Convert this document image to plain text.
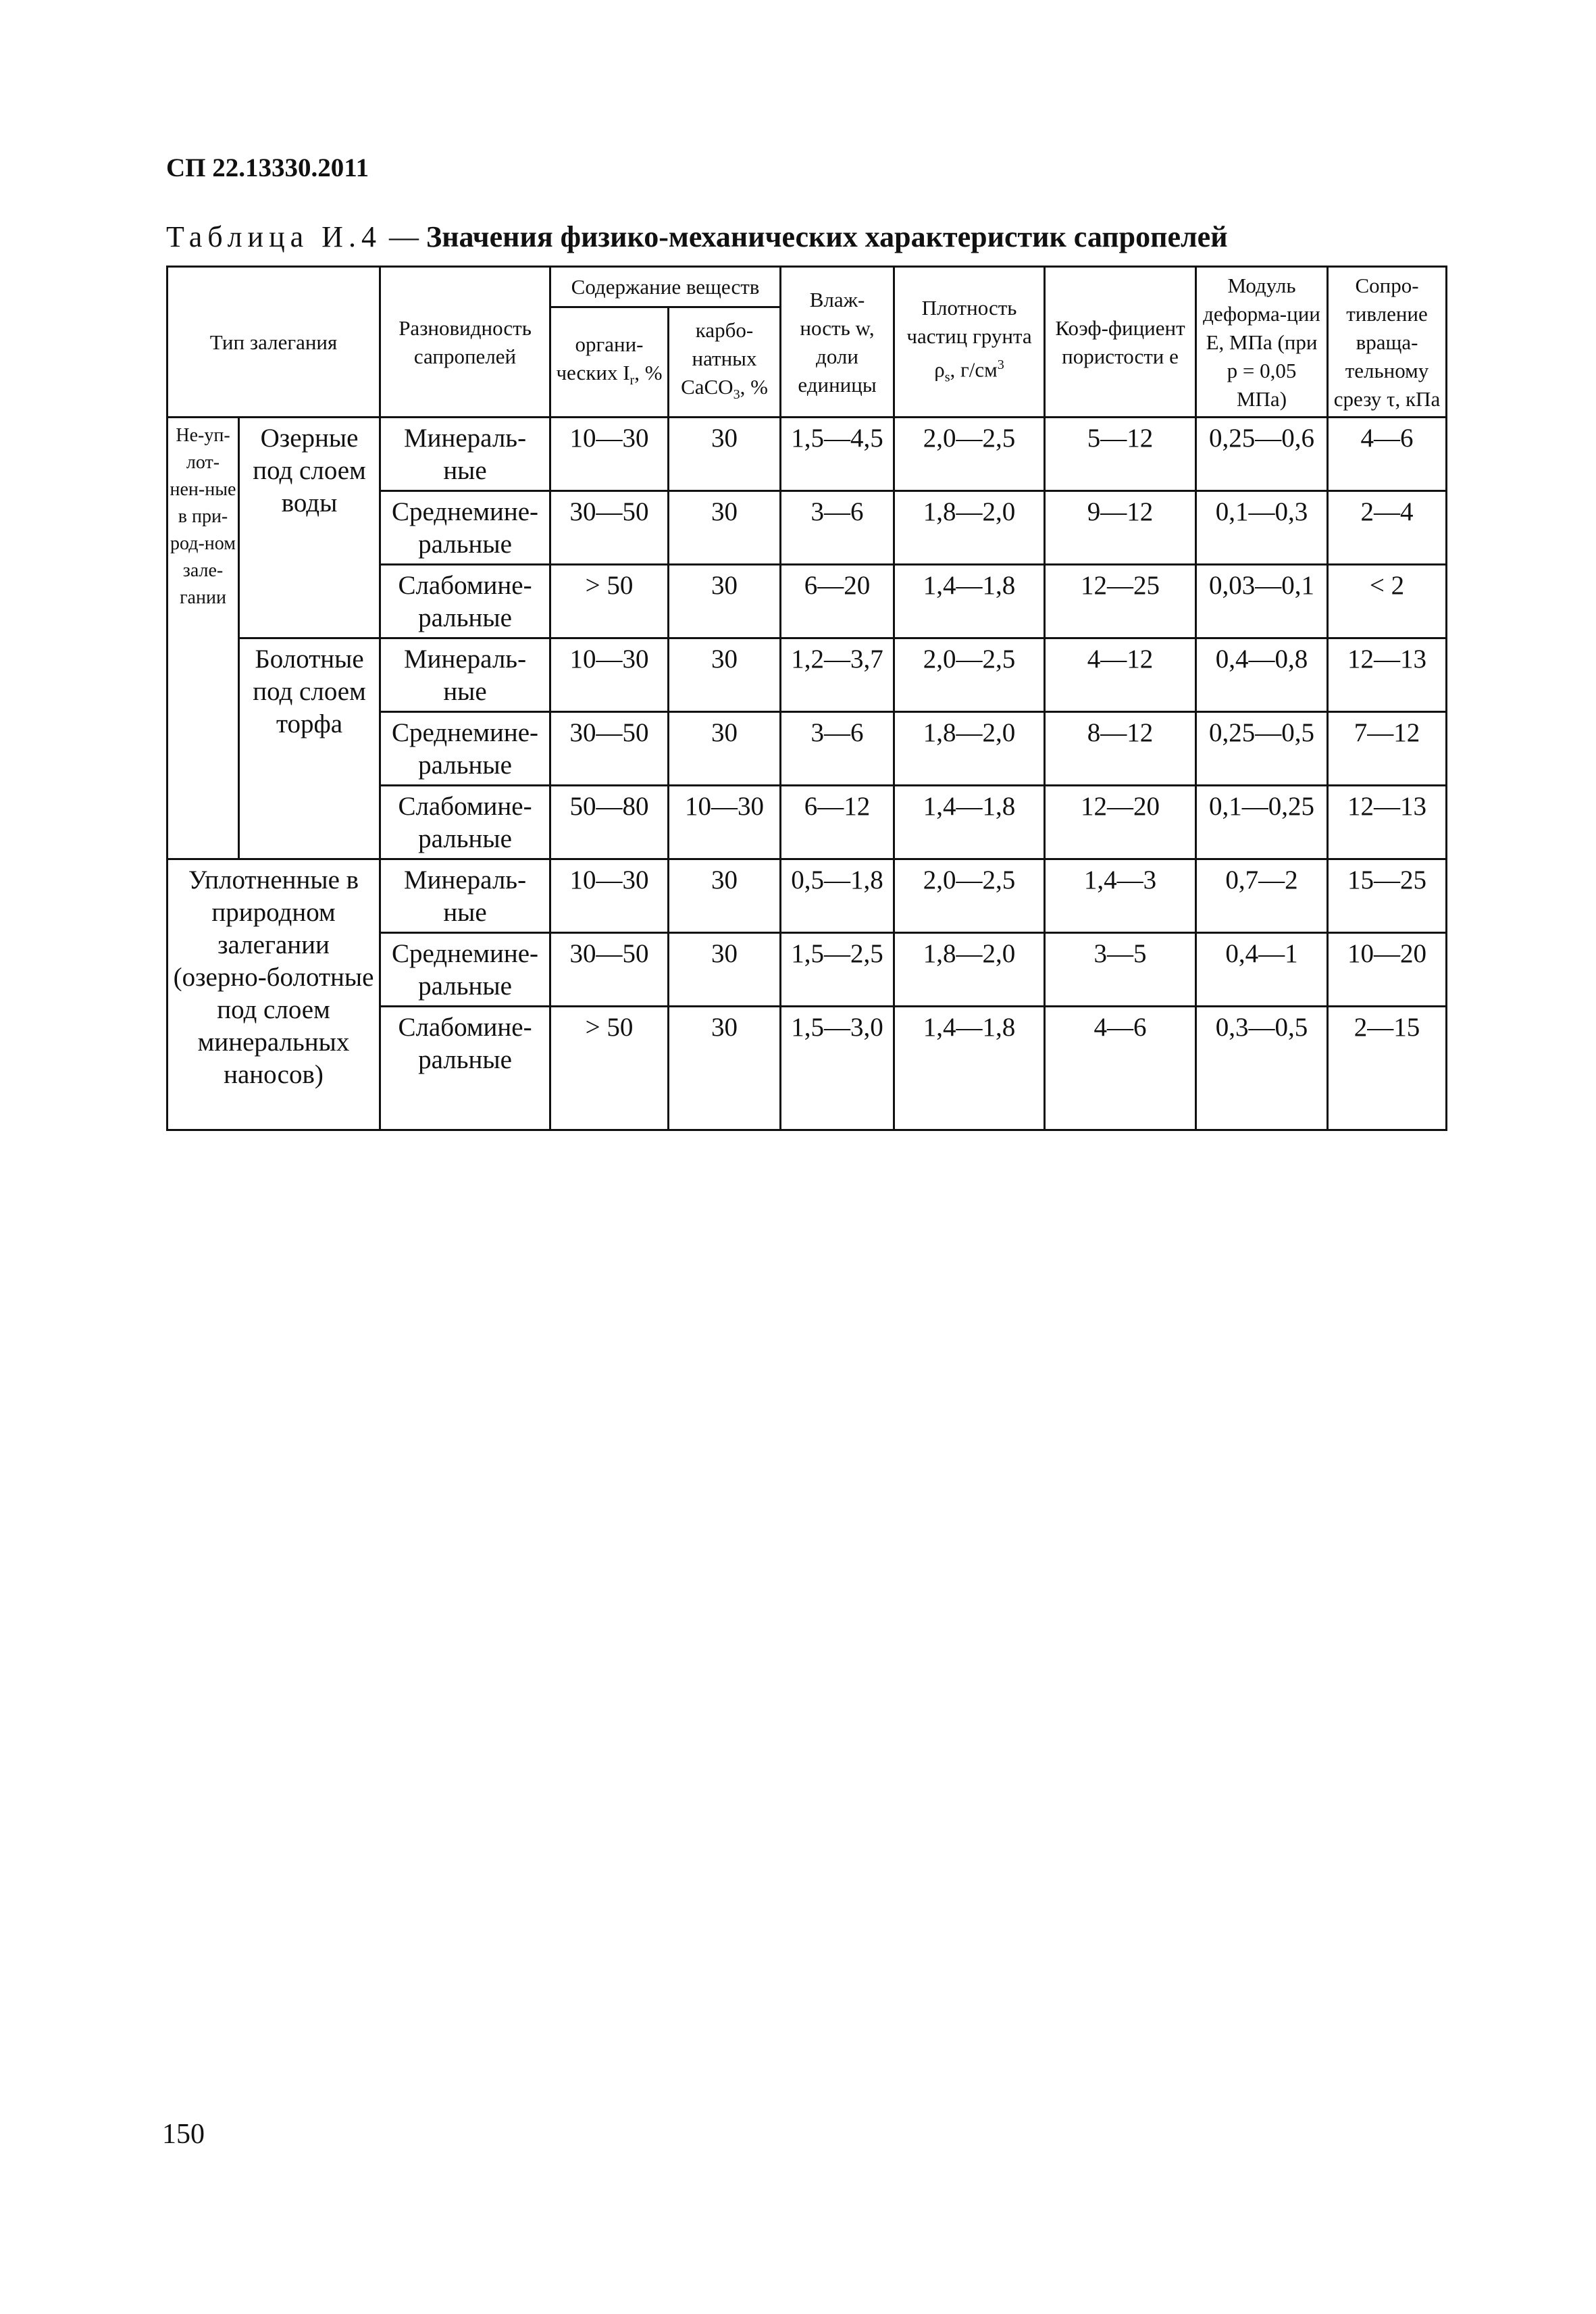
СП 22.13330.2011
Таблица И.4 — Значения физико-механических характеристик сапропелей
Тип залегания		Разновидность сапропелей	Содержание веществ		Влаж-ность w, доли единицы	Плотность частиц грунта $\rho_s$, $г/см^3$	Коэф-фициент пористости e	Модуль деформа-ции E, МПа (при p = 0,05 МПа)	Сопро-тивление враща-тельному срезу τ, кПа
			органи-ческих $I_r$, %	карбо-натных CaCO$_3$, %					
Не-уп-лот-нен-ные в при-род-ном зале-гании	Озерные под слоем воды	Минераль-ные	10—30	30	1,5—4,5	2,0—2,5	5—12	0,25—0,6	4—6
		Среднемине-ральные	30—50	30	3—6	1,8—2,0	9—12	0,1—0,3	2—4
		Слабомине-ральные	> 50	30	6—20	1,4—1,8	12—25	0,03—0,1	< 2
	Болотные под слоем торфа	Минераль-ные	10—30	30	1,2—3,7	2,0—2,5	4—12	0,4—0,8	12—13
		Среднемине-ральные	30—50	30	3—6	1,8—2,0	8—12	0,25—0,5	7—12
		Слабомине-ральные	50—80	10—30	6—12	1,4—1,8	12—20	0,1—0,25	12—13
Уплотненные в природном залегании (озерно-болотные под слоем минеральных наносов)		Минераль-ные	10—30	30	0,5—1,8	2,0—2,5	1,4—3	0,7—2	15—25
		Среднемине-ральные	30—50	30	1,5—2,5	1,8—2,0	3—5	0,4—1	10—20
		Слабомине-ральные	> 50	30	1,5—3,0	1,4—1,8	4—6	0,3—0,5	2—15
150
